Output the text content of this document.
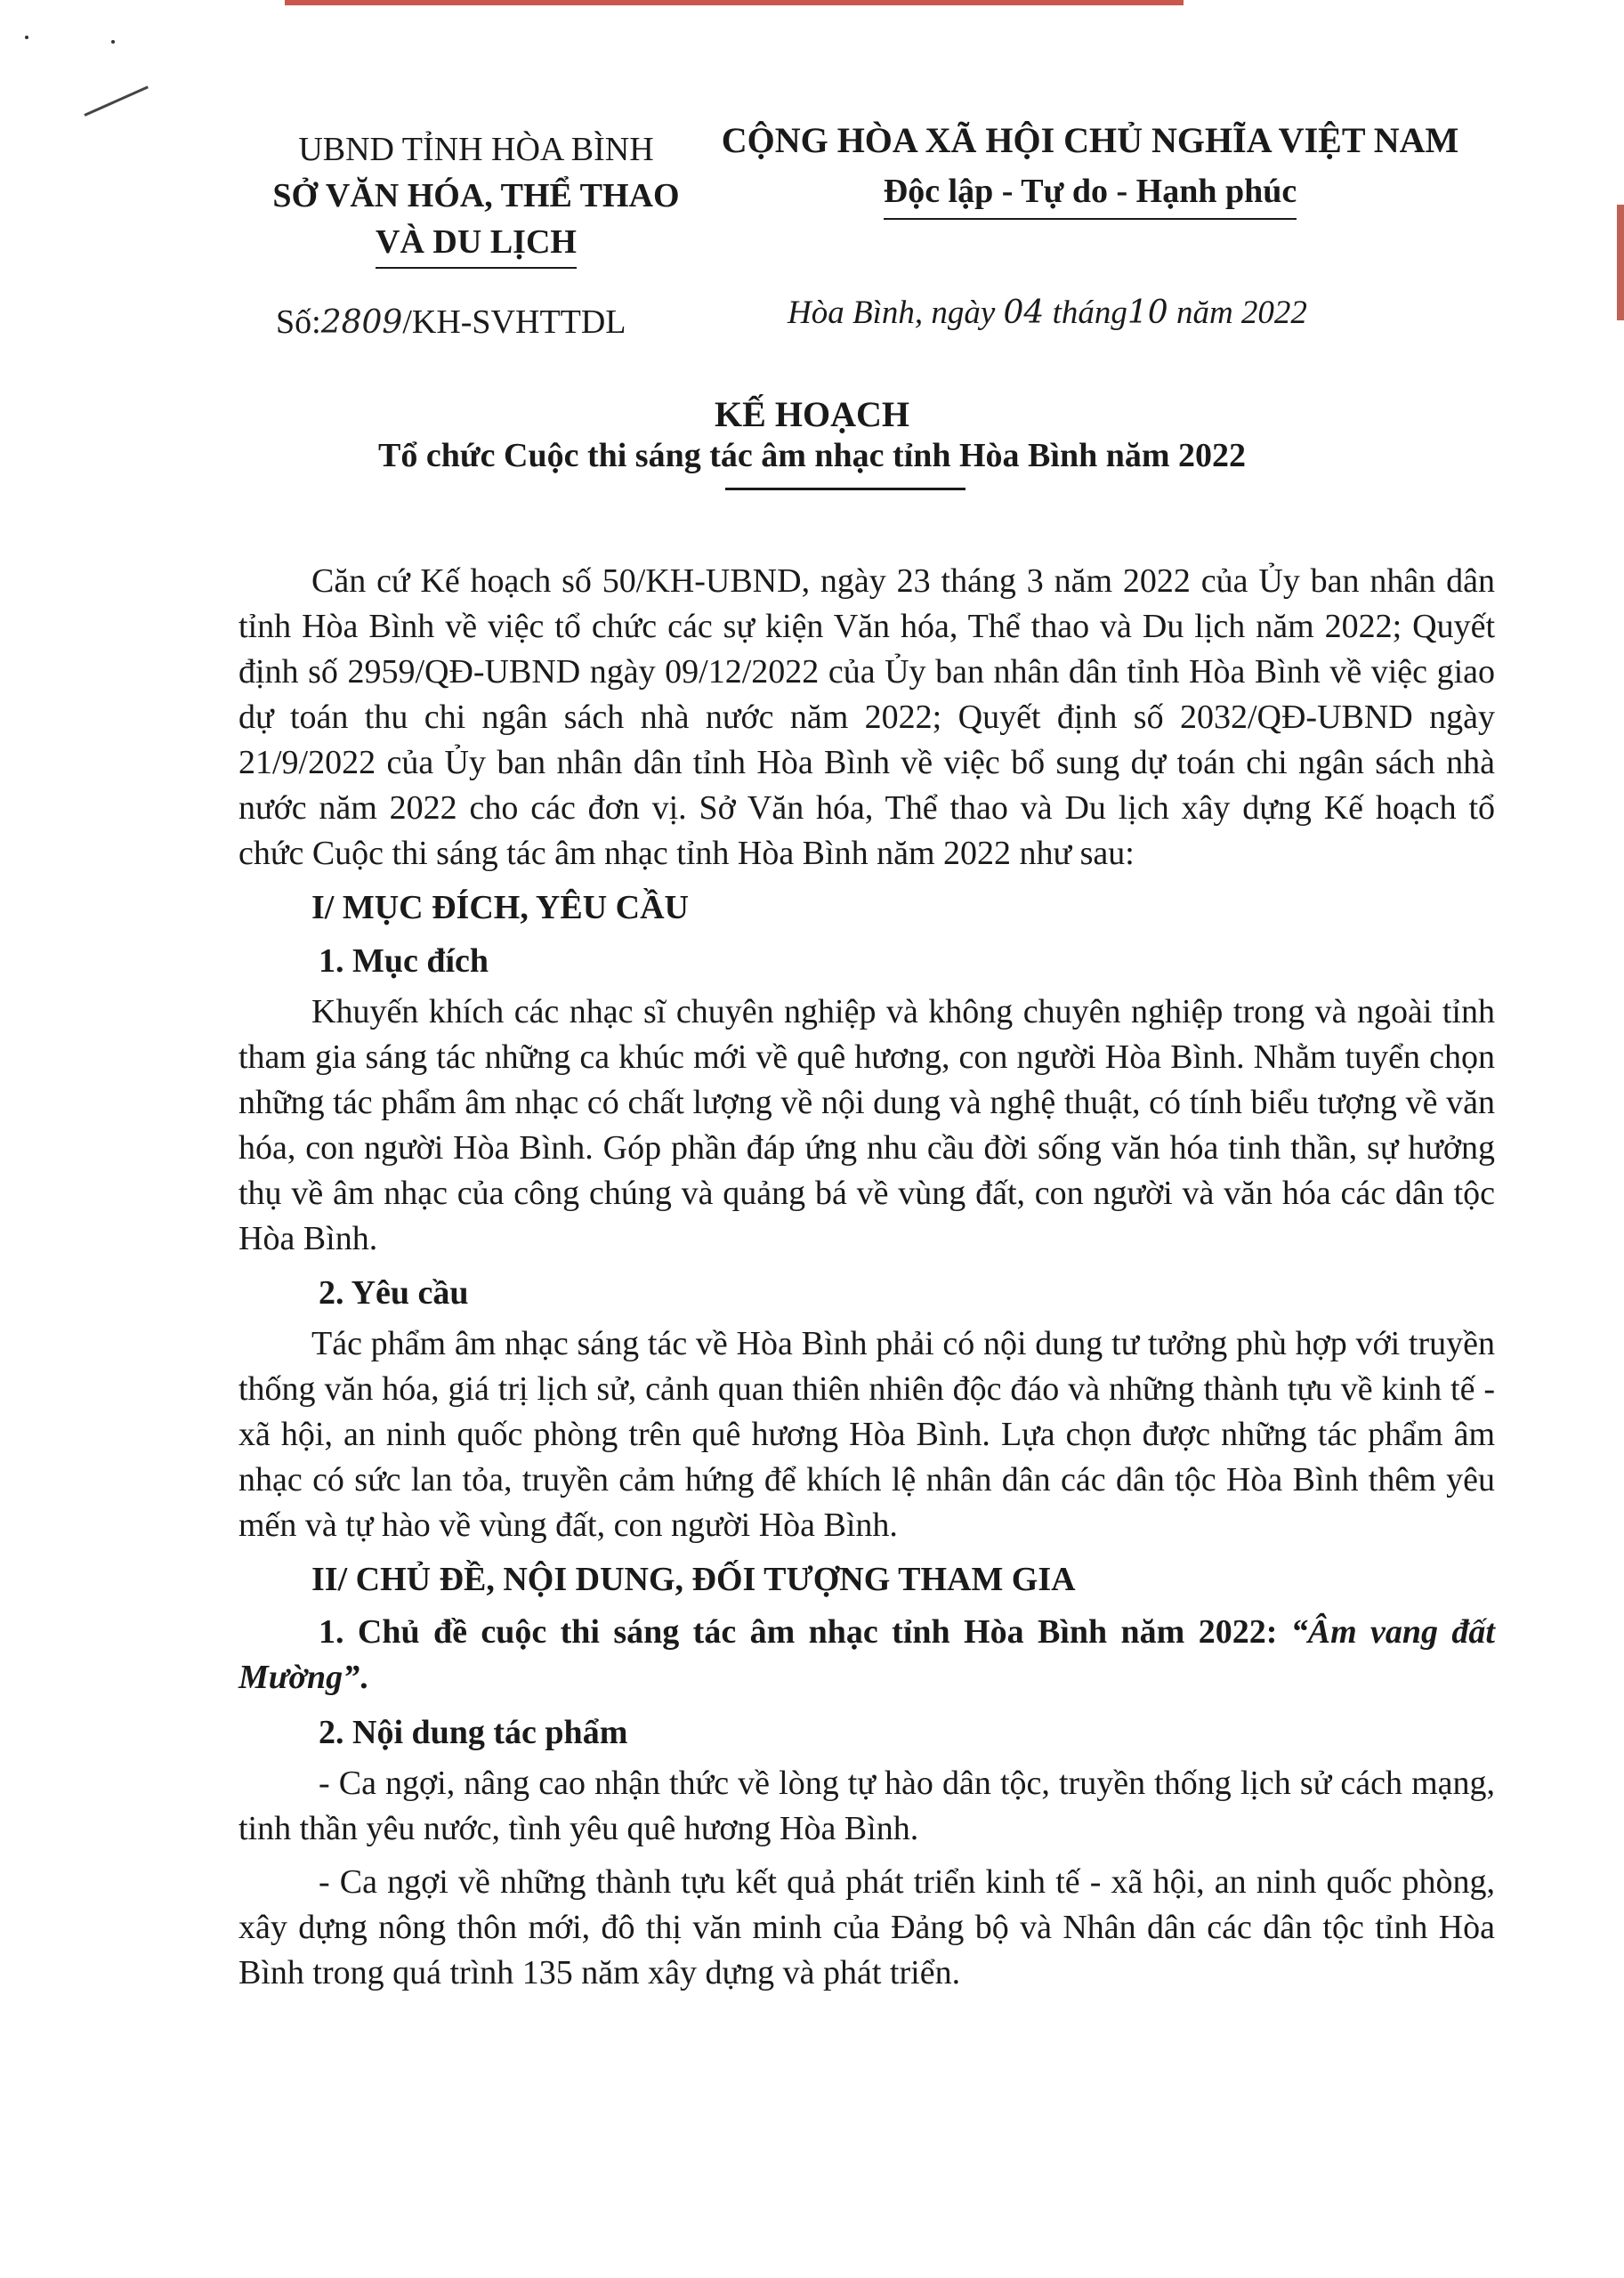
UBND TỈNH HÒA BÌNH
SỞ VĂN HÓA, THỂ THAO
VÀ DU LỊCH
CỘNG HÒA XÃ HỘI CHỦ NGHĨA VIỆT NAM
Độc lập - Tự do - Hạnh phúc
Số:2809/KH-SVHTTDL	Hòa Bình, ngày 04 tháng10 năm 2022
KẾ HOẠCH
Tổ chức Cuộc thi sáng tác âm nhạc tỉnh Hòa Bình năm 2022

Căn cứ Kế hoạch số 50/KH-UBND, ngày 23 tháng 3 năm 2022 của Ủy ban nhân dân tỉnh Hòa Bình về việc tổ chức các sự kiện Văn hóa, Thể thao và Du lịch năm 2022; Quyết định số 2959/QĐ-UBND ngày 09/12/2022 của Ủy ban nhân dân tỉnh Hòa Bình về việc giao dự toán thu chi ngân sách nhà nước năm 2022; Quyết định số 2032/QĐ-UBND ngày 21/9/2022 của Ủy ban nhân dân tỉnh Hòa Bình về việc bổ sung dự toán chi ngân sách nhà nước năm 2022 cho các đơn vị. Sở Văn hóa, Thể thao và Du lịch xây dựng Kế hoạch tổ chức Cuộc thi sáng tác âm nhạc tỉnh Hòa Bình năm 2022 như sau:

I/ MỤC ĐÍCH, YÊU CẦU
1. Mục đích

Khuyến khích các nhạc sĩ chuyên nghiệp và không chuyên nghiệp trong và ngoài tỉnh tham gia sáng tác những ca khúc mới về quê hương, con người Hòa Bình. Nhằm tuyển chọn những tác phẩm âm nhạc có chất lượng về nội dung và nghệ thuật, có tính biểu tượng về văn hóa, con người Hòa Bình. Góp phần đáp ứng nhu cầu đời sống văn hóa tinh thần, sự hưởng thụ về âm nhạc của công chúng và quảng bá về vùng đất, con người và văn hóa các dân tộc Hòa Bình.

2. Yêu cầu

Tác phẩm âm nhạc sáng tác về Hòa Bình phải có nội dung tư tưởng phù hợp với truyền thống văn hóa, giá trị lịch sử, cảnh quan thiên nhiên độc đáo và những thành tựu về kinh tế - xã hội, an ninh quốc phòng trên quê hương Hòa Bình. Lựa chọn được những tác phẩm âm nhạc có sức lan tỏa, truyền cảm hứng để khích lệ nhân dân các dân tộc Hòa Bình thêm yêu mến và tự hào về vùng đất, con người Hòa Bình.

II/ CHỦ ĐỀ, NỘI DUNG, ĐỐI TƯỢNG THAM GIA

1. Chủ đề cuộc thi sáng tác âm nhạc tỉnh Hòa Bình năm 2022: “Âm vang đất Mường”.

2. Nội dung tác phẩm

- Ca ngợi, nâng cao nhận thức về lòng tự hào dân tộc, truyền thống lịch sử cách mạng, tinh thần yêu nước, tình yêu quê hương Hòa Bình.

- Ca ngợi về những thành tựu kết quả phát triển kinh tế - xã hội, an ninh quốc phòng, xây dựng nông thôn mới, đô thị văn minh của Đảng bộ và Nhân dân các dân tộc tỉnh Hòa Bình trong quá trình 135 năm xây dựng và phát triển.
